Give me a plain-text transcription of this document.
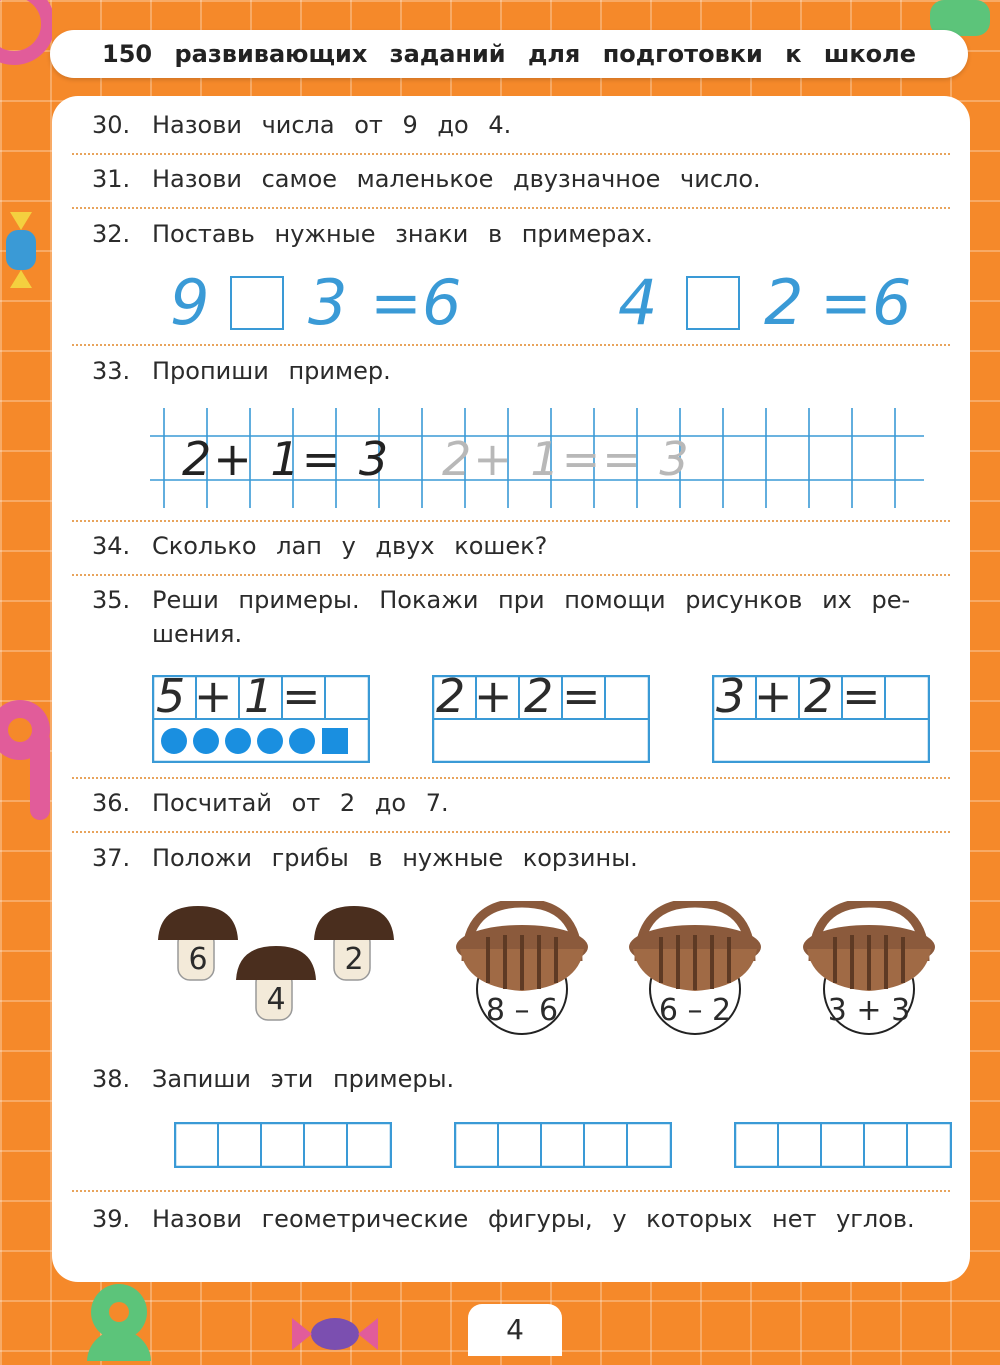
150 развивающих заданий для подготовки к школе
30. Назови числа от 9 до 4.
31. Назови самое маленькое двузначное число.
32. Поставь нужные знаки в примерах.
9 3 = 6	4 2 = 6
33. Пропиши пример.
2+ 1= 3 2+ 1== 3
34. Сколько лап у двух кошек?
35. Реши примеры. Покажи при помощи рисунков их ре-
шения.
5 + 1 =	2 + 2 =	3 + 2 =
36. Посчитай от 2 до 7.
37. Положи грибы в нужные корзины.
6
4
2
8 – 6	6 – 2	3 + 3
38. Запиши эти примеры.
39. Назови геометрические фигуры, у которых нет углов.
4
